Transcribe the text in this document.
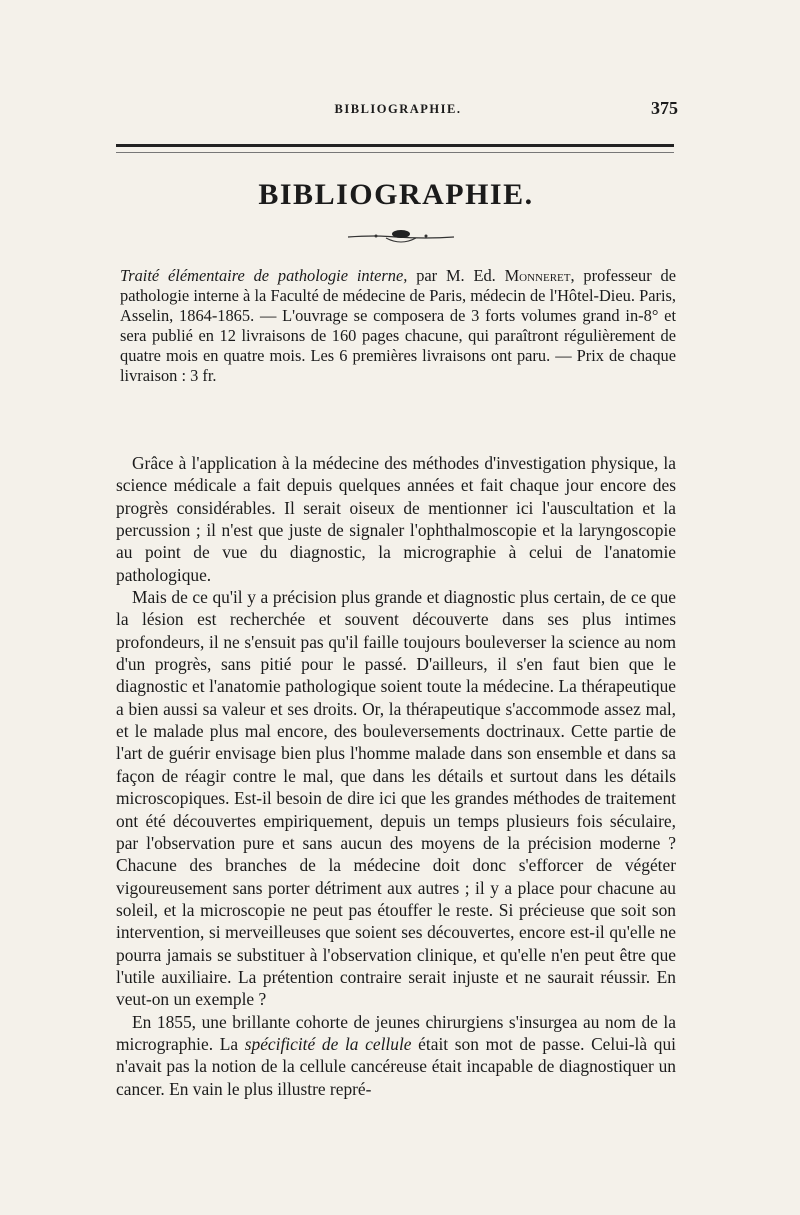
BIBLIOGRAPHIE.	375
BIBLIOGRAPHIE.

Traité élémentaire de pathologie interne, par M. Ed. Monneret, professeur de pathologie interne à la Faculté de médecine de Paris, médecin de l'Hôtel-Dieu. Paris, Asselin, 1864-1865. — L'ouvrage se composera de 3 forts volumes grand in-8° et sera publié en 12 livraisons de 160 pages chacune, qui paraîtront régulièrement de quatre mois en quatre mois. Les 6 premières livraisons ont paru. — Prix de chaque livraison : 3 fr.

Grâce à l'application à la médecine des méthodes d'investigation physique, la science médicale a fait depuis quelques années et fait chaque jour encore des progrès considérables. Il serait oiseux de mentionner ici l'auscultation et la percussion ; il n'est que juste de signaler l'ophthalmoscopie et la laryngoscopie au point de vue du diagnostic, la micrographie à celui de l'anatomie pathologique.

Mais de ce qu'il y a précision plus grande et diagnostic plus certain, de ce que la lésion est recherchée et souvent découverte dans ses plus intimes profondeurs, il ne s'ensuit pas qu'il faille toujours bouleverser la science au nom d'un progrès, sans pitié pour le passé. D'ailleurs, il s'en faut bien que le diagnostic et l'anatomie pathologique soient toute la médecine. La thérapeutique a bien aussi sa valeur et ses droits. Or, la thérapeutique s'accommode assez mal, et le malade plus mal encore, des bouleversements doctrinaux. Cette partie de l'art de guérir envisage bien plus l'homme malade dans son ensemble et dans sa façon de réagir contre le mal, que dans les détails et surtout dans les détails microscopiques. Est-il besoin de dire ici que les grandes méthodes de traitement ont été découvertes empiriquement, depuis un temps plusieurs fois séculaire, par l'observation pure et sans aucun des moyens de la précision moderne ? Chacune des branches de la médecine doit donc s'efforcer de végéter vigoureusement sans porter détriment aux autres ; il y a place pour chacune au soleil, et la microscopie ne peut pas étouffer le reste. Si précieuse que soit son intervention, si merveilleuses que soient ses découvertes, encore est-il qu'elle ne pourra jamais se substituer à l'observation clinique, et qu'elle n'en peut être que l'utile auxiliaire. La prétention contraire serait injuste et ne saurait réussir. En veut-on un exemple ?

En 1855, une brillante cohorte de jeunes chirurgiens s'insurgea au nom de la micrographie. La spécificité de la cellule était son mot de passe. Celui-là qui n'avait pas la notion de la cellule cancéreuse était incapable de diagnostiquer un cancer. En vain le plus illustre repré-
